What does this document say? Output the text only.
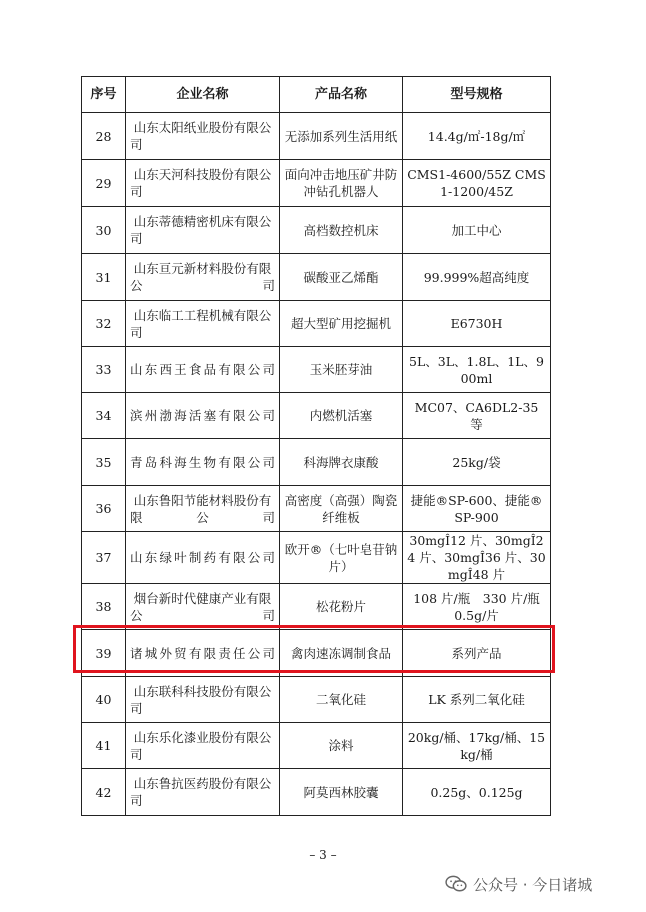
序号	企业名称	产品名称	型号规格
28	山东太阳纸业股份有限公司	无添加系列生活用纸	14.4g/㎡-18g/㎡
29	山东天河科技股份有限公司	面向冲击地压矿井防冲钻孔机器人	CMS1-4600/55Z CMS1-1200/45Z
30	山东蒂德精密机床有限公司	高档数控机床	加工中心
31	山东亘元新材料股份有限公司	碳酸亚乙烯酯	99.999%超高纯度
32	山东临工工程机械有限公司	超大型矿用挖掘机	E6730H
33	山东西王食品有限公司	玉米胚芽油	5L、3L、1.8L、1L、900ml
34	滨州渤海活塞有限公司	内燃机活塞	MC07、CA6DL2-35 等
35	青岛科海生物有限公司	科海牌衣康酸	25kg/袋
36	山东鲁阳节能材料股份有限公司	高密度（高强）陶瓷纤维板	捷能®SP-600、捷能®SP-900
37	山东绿叶制药有限公司	欧开®（七叶皂苷钠片）	30mgÎ12 片、30mgÎ24 片、30mgÎ36 片、30mgÎ48 片
38	烟台新时代健康产业有限公司	松花粉片	108 片/瓶　330 片/瓶 0.5g/片
39	诸城外贸有限责任公司	禽肉速冻调制食品	系列产品
40	山东联科科技股份有限公司	二氧化硅	LK 系列二氧化硅
41	山东乐化漆业股份有限公司	涂料	20kg/桶、17kg/桶、15kg/桶
42	山东鲁抗医药股份有限公司	阿莫西林胶囊	0.25g、0.125g
– 3 –
公众号 · 今日诸城
